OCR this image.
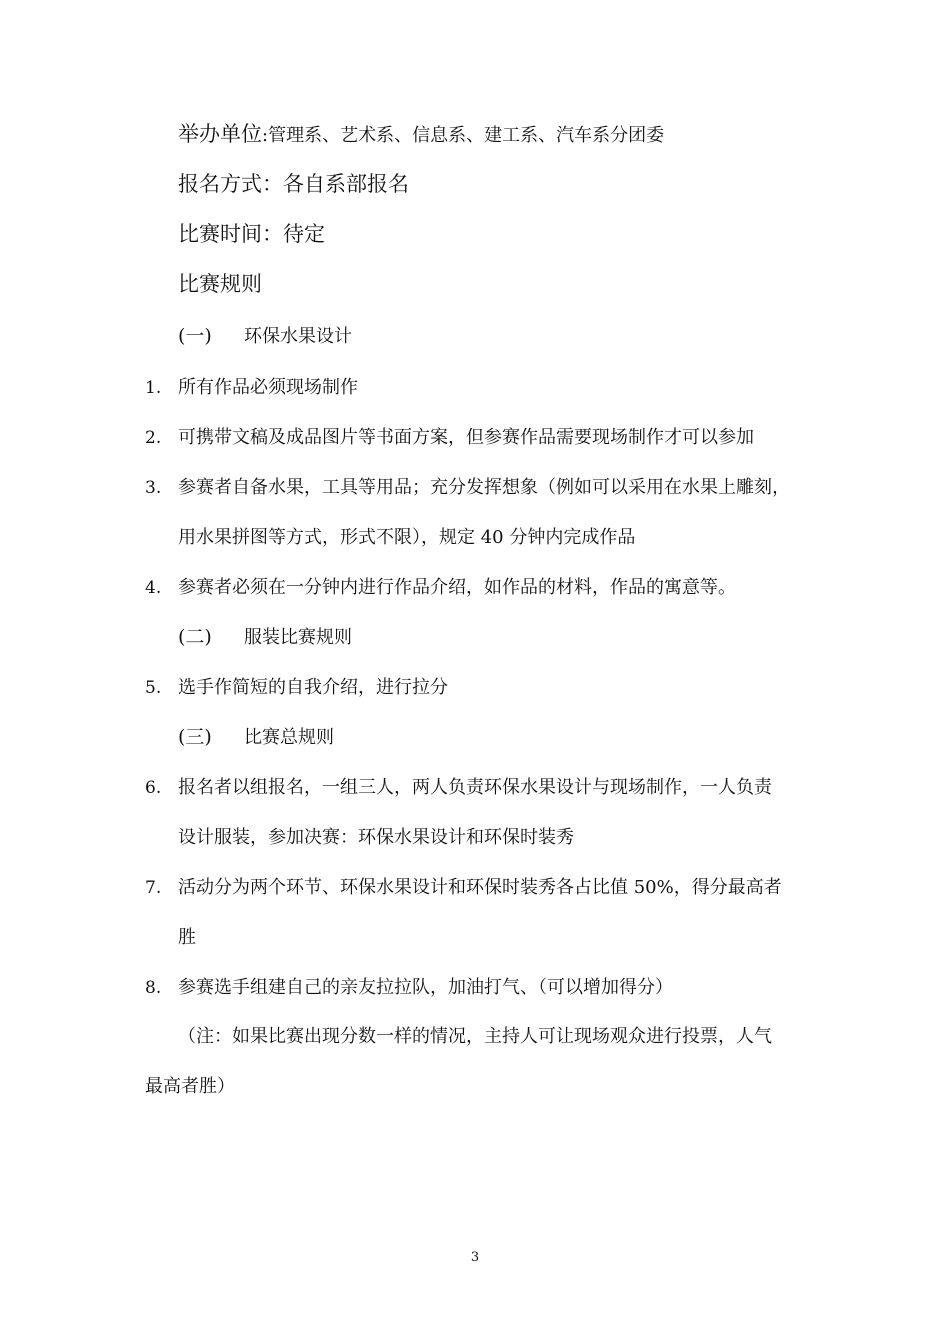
举办单位:管理系、艺术系、信息系、建工系、汽车系分团委
报名方式：各自系部报名
比赛时间：待定
比赛规则
(一) 环保水果设计
1. 所有作品必须现场制作
2. 可携带文稿及成品图片等书面方案，但参赛作品需要现场制作才可以参加
3. 参赛者自备水果，工具等用品；充分发挥想象（例如可以采用在水果上雕刻，
用水果拼图等方式，形式不限），规定 40 分钟内完成作品
4. 参赛者必须在一分钟内进行作品介绍，如作品的材料，作品的寓意等。
(二) 服装比赛规则
5. 选手作简短的自我介绍，进行拉分
(三) 比赛总规则
6. 报名者以组报名，一组三人，两人负责环保水果设计与现场制作，一人负责
设计服装，参加决赛：环保水果设计和环保时装秀
7. 活动分为两个环节、环保水果设计和环保时装秀各占比值 50%，得分最高者
胜
8. 参赛选手组建自己的亲友拉拉队，加油打气、（可以增加得分）
（注：如果比赛出现分数一样的情况，主持人可让现场观众进行投票，人气
最高者胜）
3
